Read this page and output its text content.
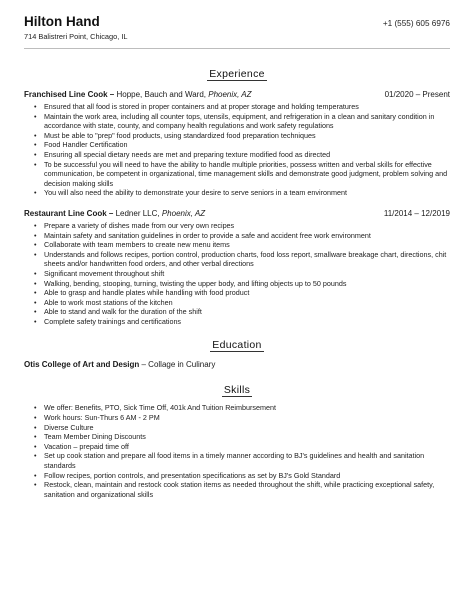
Hilton Hand	+1 (555) 605 6976
714 Balistreri Point, Chicago, IL
Experience
Franchised Line Cook – Hoppe, Bauch and Ward, Phoenix, AZ	01/2020 – Present
• Ensured that all food is stored in proper containers and at proper storage and holding temperatures
• Maintain the work area, including all counter tops, utensils, equipment, and refrigeration in a clean and sanitary condition in accordance with state, county, and company health regulations and work safety regulations
• Must be able to "prep" food products, using standardized food preparation techniques
• Food Handler Certification
• Ensuring all special dietary needs are met and preparing texture modified food as directed
• To be successful you will need to have the ability to handle multiple priorities, possess written and verbal skills for effective communication, be competent in organizational, time management skills and demonstrate good judgment, problem solving and decision making skills
• You will also need the ability to demonstrate your desire to serve seniors in a team environment
Restaurant Line Cook – Ledner LLC, Phoenix, AZ	11/2014 – 12/2019
• Prepare a variety of dishes made from our very own recipes
• Maintain safety and sanitation guidelines in order to provide a safe and accident free work environment
• Collaborate with team members to create new menu items
• Understands and follows recipes, portion control, production charts, food loss report, smallware breakage chart, directions, chit sheets and/or handwritten food orders, and other verbal directions
• Significant movement throughout shift
• Walking, bending, stooping, turning, twisting the upper body, and lifting objects up to 50 pounds
• Able to grasp and handle plates while handling with food product
• Able to work most stations of the kitchen
• Able to stand and walk for the duration of the shift
• Complete safety trainings and certifications
Education
Otis College of Art and Design – Collage in Culinary
Skills
• We offer: Benefits, PTO, Sick Time Off, 401k And Tuition Reimbursement
• Work hours: Sun-Thurs 6 AM - 2 PM
• Diverse Culture
• Team Member Dining Discounts
• Vacation – prepaid time off
• Set up cook station and prepare all food items in a timely manner according to BJ's guidelines and health and sanitation standards
• Follow recipes, portion controls, and presentation specifications as set by BJ's Gold Standard
• Restock, clean, maintain and restock cook station items as needed throughout the shift, while practicing exceptional safety, sanitation and organizational skills
